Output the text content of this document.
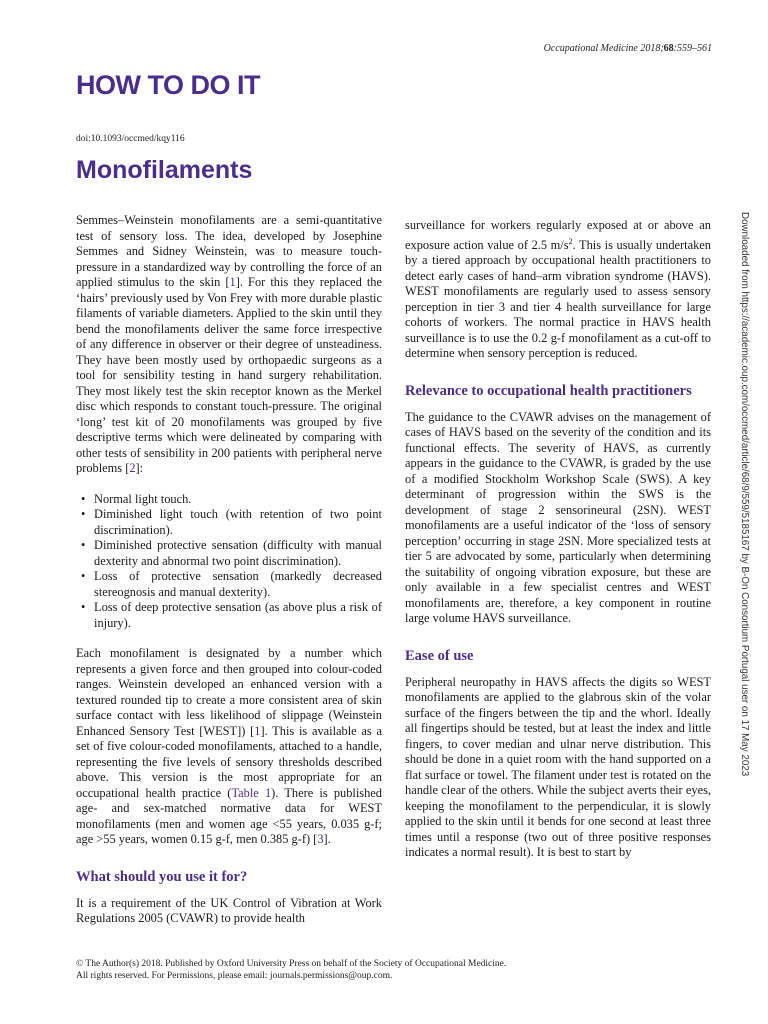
Occupational Medicine 2018;68:559–561
HOW TO DO IT
doi:10.1093/occmed/kqy116
Monofilaments

Semmes–Weinstein monofilaments are a semi-quantitative test of sensory loss. The idea, developed by Josephine Semmes and Sidney Weinstein, was to measure touch-pressure in a standardized way by controlling the force of an applied stimulus to the skin [1]. For this they replaced the ‘hairs’ previously used by Von Frey with more durable plastic filaments of variable diameters. Applied to the skin until they bend the monofilaments deliver the same force irrespective of any difference in observer or their degree of unsteadiness. They have been mostly used by orthopaedic surgeons as a tool for sensibility testing in hand surgery rehabilitation. They most likely test the skin receptor known as the Merkel disc which responds to constant touch-pressure. The original ‘long’ test kit of 20 monofilaments was grouped by five descriptive terms which were delineated by comparing with other tests of sensibility in 200 patients with peripheral nerve problems [2]:

• Normal light touch.
• Diminished light touch (with retention of two point discrimination).
• Diminished protective sensation (difficulty with manual dexterity and abnormal two point discrimination).
• Loss of protective sensation (markedly decreased stereognosis and manual dexterity).
• Loss of deep protective sensation (as above plus a risk of injury).

Each monofilament is designated by a number which represents a given force and then grouped into colour-coded ranges. Weinstein developed an enhanced version with a textured rounded tip to create a more consistent area of skin surface contact with less likelihood of slippage (Weinstein Enhanced Sensory Test [WEST]) [1]. This is available as a set of five colour-coded monofilaments, attached to a handle, representing the five levels of sensory thresholds described above. This version is the most appropriate for an occupational health practice (Table 1). There is published age- and sex-matched normative data for WEST monofilaments (men and women age <55 years, 0.035 g-f; age >55 years, women 0.15 g-f, men 0.385 g-f) [3].

What should you use it for?

It is a requirement of the UK Control of Vibration at Work Regulations 2005 (CVAWR) to provide health

surveillance for workers regularly exposed at or above an exposure action value of 2.5 $m/s^2$. This is usually undertaken by a tiered approach by occupational health practitioners to detect early cases of hand–arm vibration syndrome (HAVS). WEST monofilaments are regularly used to assess sensory perception in tier 3 and tier 4 health surveillance for large cohorts of workers. The normal practice in HAVS health surveillance is to use the 0.2 g-f monofilament as a cut-off to determine when sensory perception is reduced.

Relevance to occupational health practitioners

The guidance to the CVAWR advises on the management of cases of HAVS based on the severity of the condition and its functional effects. The severity of HAVS, as currently appears in the guidance to the CVAWR, is graded by the use of a modified Stockholm Workshop Scale (SWS). A key determinant of progression within the SWS is the development of stage 2 sensorineural (2SN). WEST monofilaments are a useful indicator of the ‘loss of sensory perception’ occurring in stage 2SN. More specialized tests at tier 5 are advocated by some, particularly when determining the suitability of ongoing vibration exposure, but these are only available in a few specialist centres and WEST monofilaments are, therefore, a key component in routine large volume HAVS surveillance.

Ease of use

Peripheral neuropathy in HAVS affects the digits so WEST monofilaments are applied to the glabrous skin of the volar surface of the fingers between the tip and the whorl. Ideally all fingertips should be tested, but at least the index and little fingers, to cover median and ulnar nerve distribution. This should be done in a quiet room with the hand supported on a flat surface or towel. The filament under test is rotated on the handle clear of the others. While the subject averts their eyes, keeping the monofilament to the perpendicular, it is slowly applied to the skin until it bends for one second at least three times until a response (two out of three positive responses indicates a normal result). It is best to start by

Downloaded from https://academic.oup.com/occmed/article/68/9/559/5185167 by B-On Consortium Portugal user on 17 May 2023
© The Author(s) 2018. Published by Oxford University Press on behalf of the Society of Occupational Medicine.
All rights reserved. For Permissions, please email: journals.permissions@oup.com.
